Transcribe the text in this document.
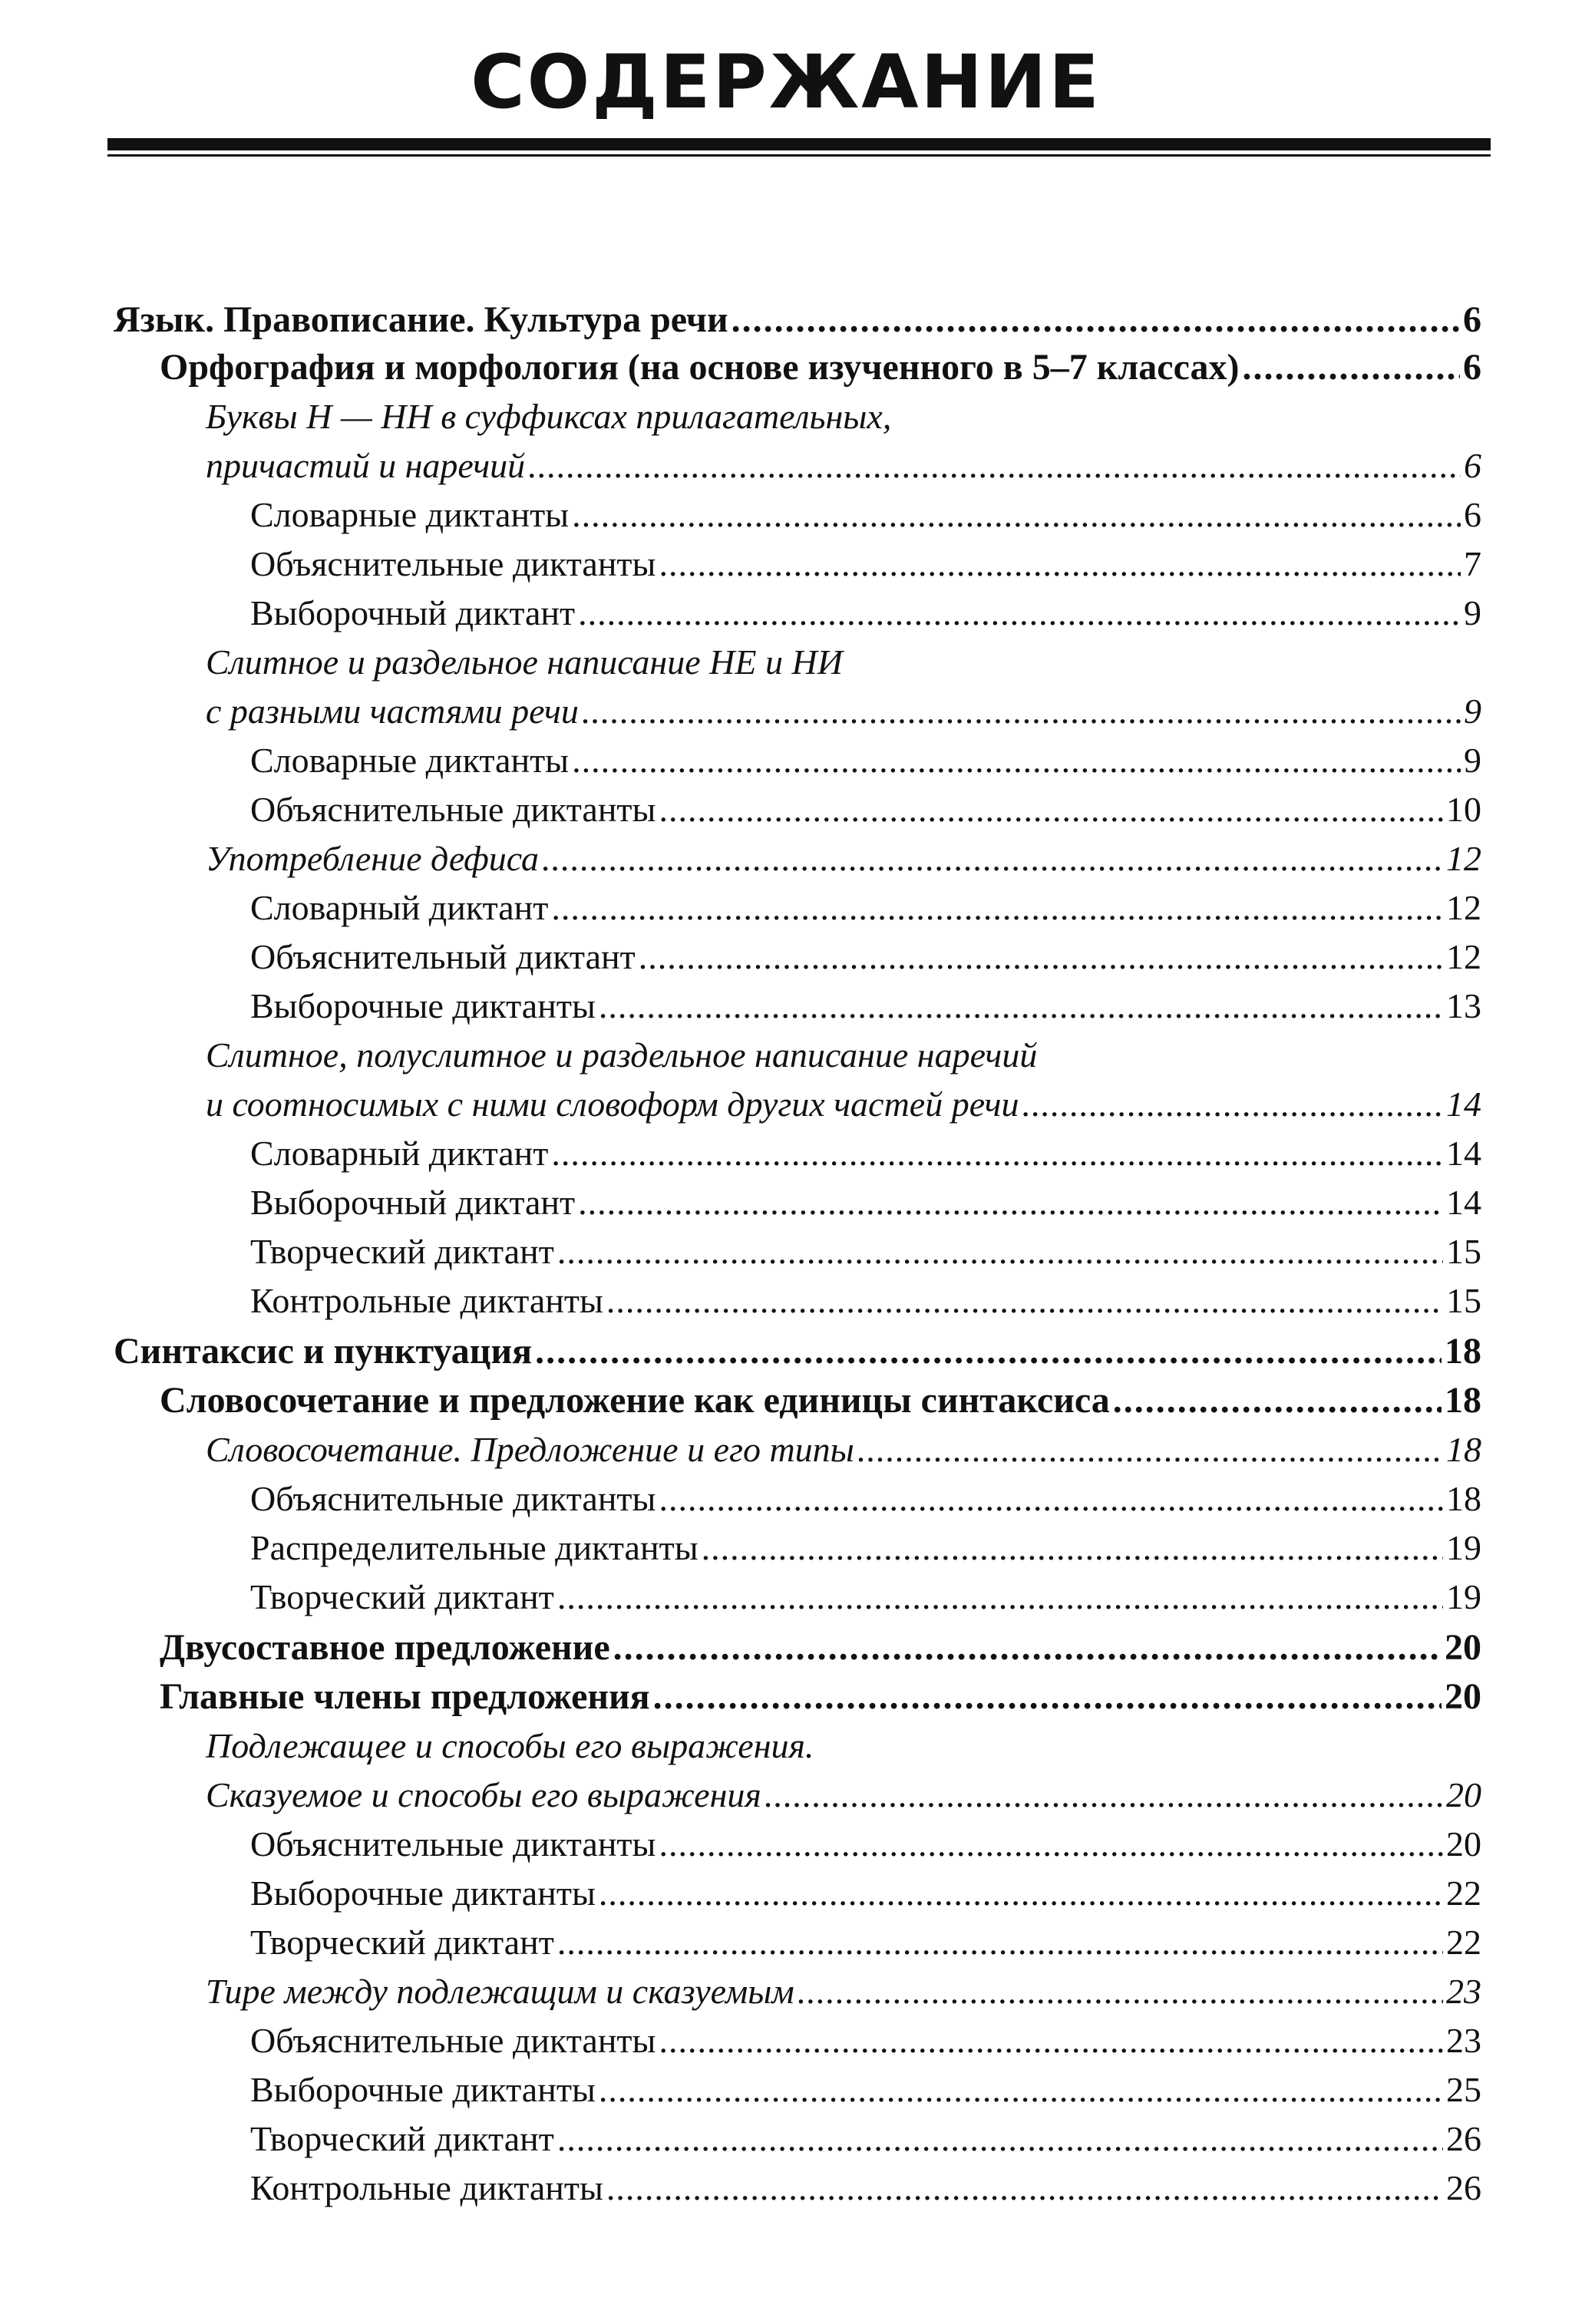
СОДЕРЖАНИЕ
Язык. Правописание. Культура речи .....	6
Орфография и морфология (на основе изученного в 5–7 классах) .....	6
Буквы Н — НН в суффиксах прилагательных,
причастий и наречий .....	6
Словарные диктанты .....	6
Объяснительные диктанты .....	7
Выборочный диктант .....	9
Слитное и раздельное написание НЕ и НИ
с разными частями речи .....	9
Словарные диктанты .....	9
Объяснительные диктанты .....	10
Употребление дефиса .....	12
Словарный диктант .....	12
Объяснительный диктант .....	12
Выборочные диктанты .....	13
Слитное, полуслитное и раздельное написание наречий
и соотносимых с ними словоформ других частей речи .....	14
Словарный диктант .....	14
Выборочный диктант .....	14
Творческий диктант .....	15
Контрольные диктанты .....	15
Синтаксис и пунктуация .....	18
Словосочетание и предложение как единицы синтаксиса .....	18
Словосочетание. Предложение и его типы .....	18
Объяснительные диктанты .....	18
Распределительные диктанты .....	19
Творческий диктант .....	19
Двусоставное предложение .....	20
Главные члены предложения .....	20
Подлежащее и способы его выражения.
Сказуемое и способы его выражения .....	20
Объяснительные диктанты .....	20
Выборочные диктанты .....	22
Творческий диктант .....	22
Тире между подлежащим и сказуемым .....	23
Объяснительные диктанты .....	23
Выборочные диктанты .....	25
Творческий диктант .....	26
Контрольные диктанты .....	26
